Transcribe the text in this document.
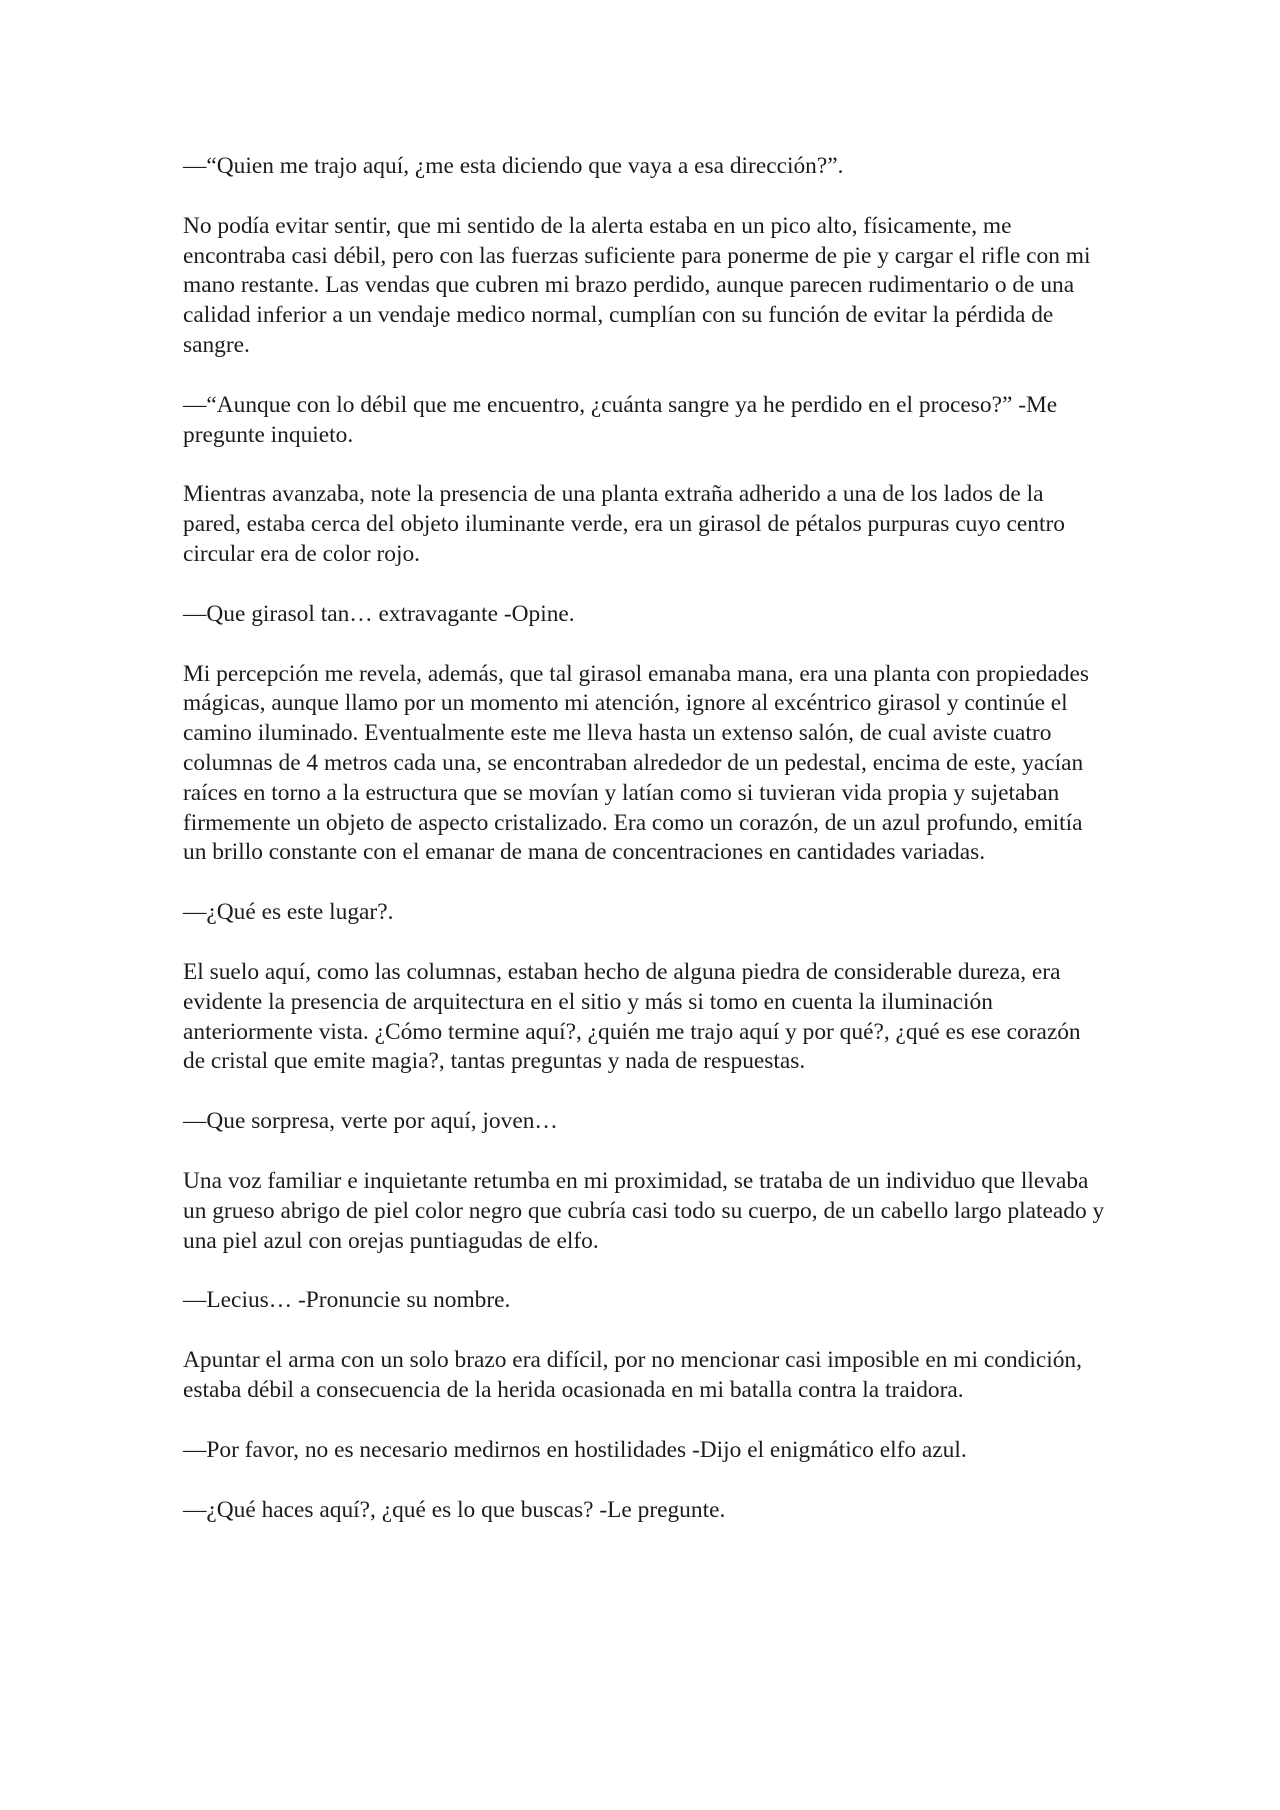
—“Quien me trajo aquí, ¿me esta diciendo que vaya a esa dirección?”.

No podía evitar sentir, que mi sentido de la alerta estaba en un pico alto, físicamente, me encontraba casi débil, pero con las fuerzas suficiente para ponerme de pie y cargar el rifle con mi mano restante. Las vendas que cubren mi brazo perdido, aunque parecen rudimentario o de una calidad inferior a un vendaje medico normal, cumplían con su función de evitar la pérdida de sangre.

—“Aunque con lo débil que me encuentro, ¿cuánta sangre ya he perdido en el proceso?” -Me pregunte inquieto.

Mientras avanzaba, note la presencia de una planta extraña adherido a una de los lados de la pared, estaba cerca del objeto iluminante verde, era un girasol de pétalos purpuras cuyo centro circular era de color rojo.

—Que girasol tan… extravagante -Opine.

Mi percepción me revela, además, que tal girasol emanaba mana, era una planta con propiedades mágicas, aunque llamo por un momento mi atención, ignore al excéntrico girasol y continúe el camino iluminado. Eventualmente este me lleva hasta un extenso salón, de cual aviste cuatro columnas de 4 metros cada una, se encontraban alrededor de un pedestal, encima de este, yacían raíces en torno a la estructura que se movían y latían como si tuvieran vida propia y sujetaban firmemente un objeto de aspecto cristalizado. Era como un corazón, de un azul profundo, emitía un brillo constante con el emanar de mana de concentraciones en cantidades variadas.

—¿Qué es este lugar?.

El suelo aquí, como las columnas, estaban hecho de alguna piedra de considerable dureza, era evidente la presencia de arquitectura en el sitio y más si tomo en cuenta la iluminación anteriormente vista. ¿Cómo termine aquí?, ¿quién me trajo aquí y por qué?, ¿qué es ese corazón de cristal que emite magia?, tantas preguntas y nada de respuestas.

—Que sorpresa, verte por aquí, joven…

Una voz familiar e inquietante retumba en mi proximidad, se trataba de un individuo que llevaba un grueso abrigo de piel color negro que cubría casi todo su cuerpo, de un cabello largo plateado y una piel azul con orejas puntiagudas de elfo.

—Lecius… -Pronuncie su nombre.

Apuntar el arma con un solo brazo era difícil, por no mencionar casi imposible en mi condición, estaba débil a consecuencia de la herida ocasionada en mi batalla contra la traidora.

—Por favor, no es necesario medirnos en hostilidades -Dijo el enigmático elfo azul.

—¿Qué haces aquí?, ¿qué es lo que buscas? -Le pregunte.
